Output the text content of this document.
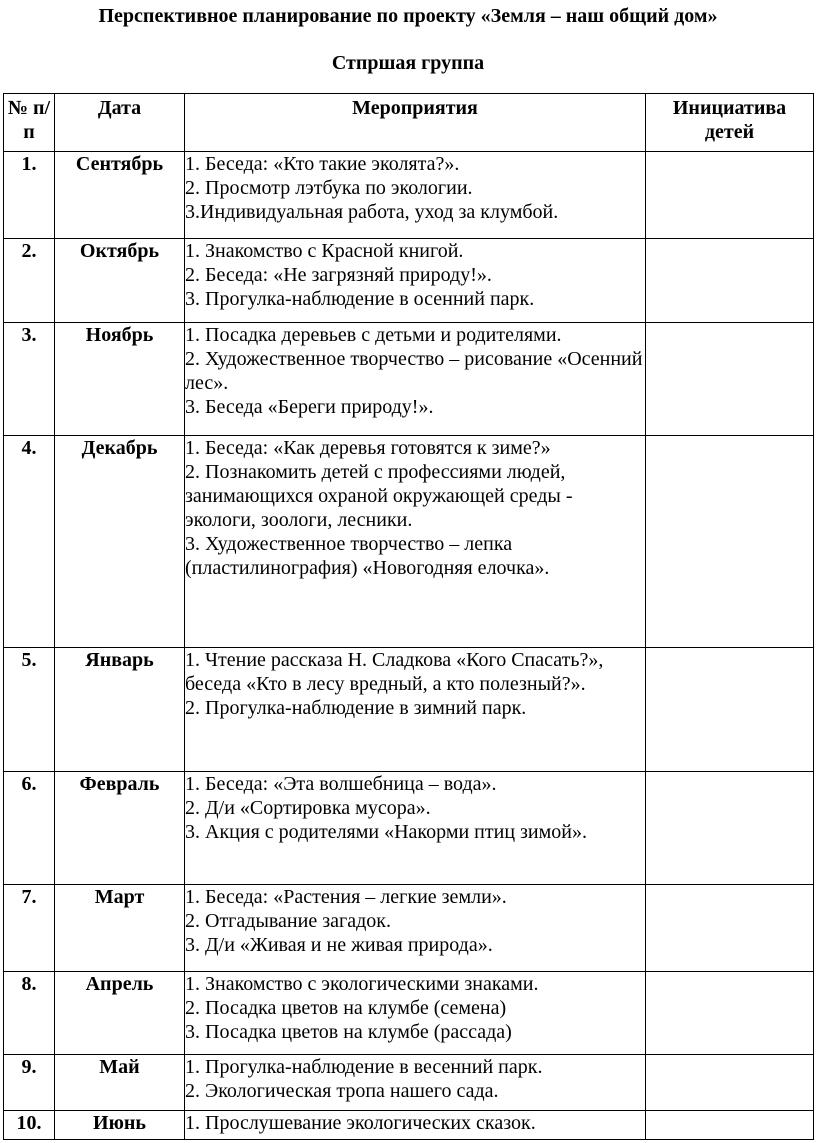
Перспективное планирование по проекту «Земля – наш общий дом»
Стпршая группа
№ п/п	Дата	Мероприятия	Инициатива детей
1.	Сентябрь	1. Беседа: «Кто такие эколята?».
2. Просмотр лэтбука по экологии.
3.Индивидуальная работа, уход за клумбой.	

2.	Октябрь	1. Знакомство с Красной книгой.
2. Беседа: «Не загрязняй природу!».
3. Прогулка-наблюдение в осенний парк.	

3.	Ноябрь	1. Посадка деревьев с детьми и родителями.
2. Художественное творчество – рисование «Осенний лес».
3. Беседа «Береги природу!».	

4.	Декабрь	1. Беседа: «Как деревья готовятся к зиме?»
2. Познакомить детей с профессиями людей, занимающихся охраной окружающей среды - экологи, зоологи, лесники.
3. Художественное творчество – лепка (пластилинография) «Новогодняя елочка».	

5.	Январь	1. Чтение рассказа Н. Сладкова «Кого Спасать?», беседа «Кто в лесу вредный, а кто полезный?».
2. Прогулка-наблюдение в зимний парк.	

6.	Февраль	1. Беседа: «Эта волшебница – вода».
2. Д/и «Сортировка мусора».
3. Акция с родителями «Накорми птиц зимой».	

7.	Март	1. Беседа: «Растения – легкие земли».
2. Отгадывание загадок.
3. Д/и «Живая и не живая природа».	

8.	Апрель	1. Знакомство с экологическими знаками.
2. Посадка цветов на клумбе (семена)
3. Посадка цветов на клумбе (рассада)	

9.	Май	1. Прогулка-наблюдение в весенний парк.
2. Экологическая тропа нашего сада.	

10.	Июнь	1. Прослушевание экологических сказок.	
